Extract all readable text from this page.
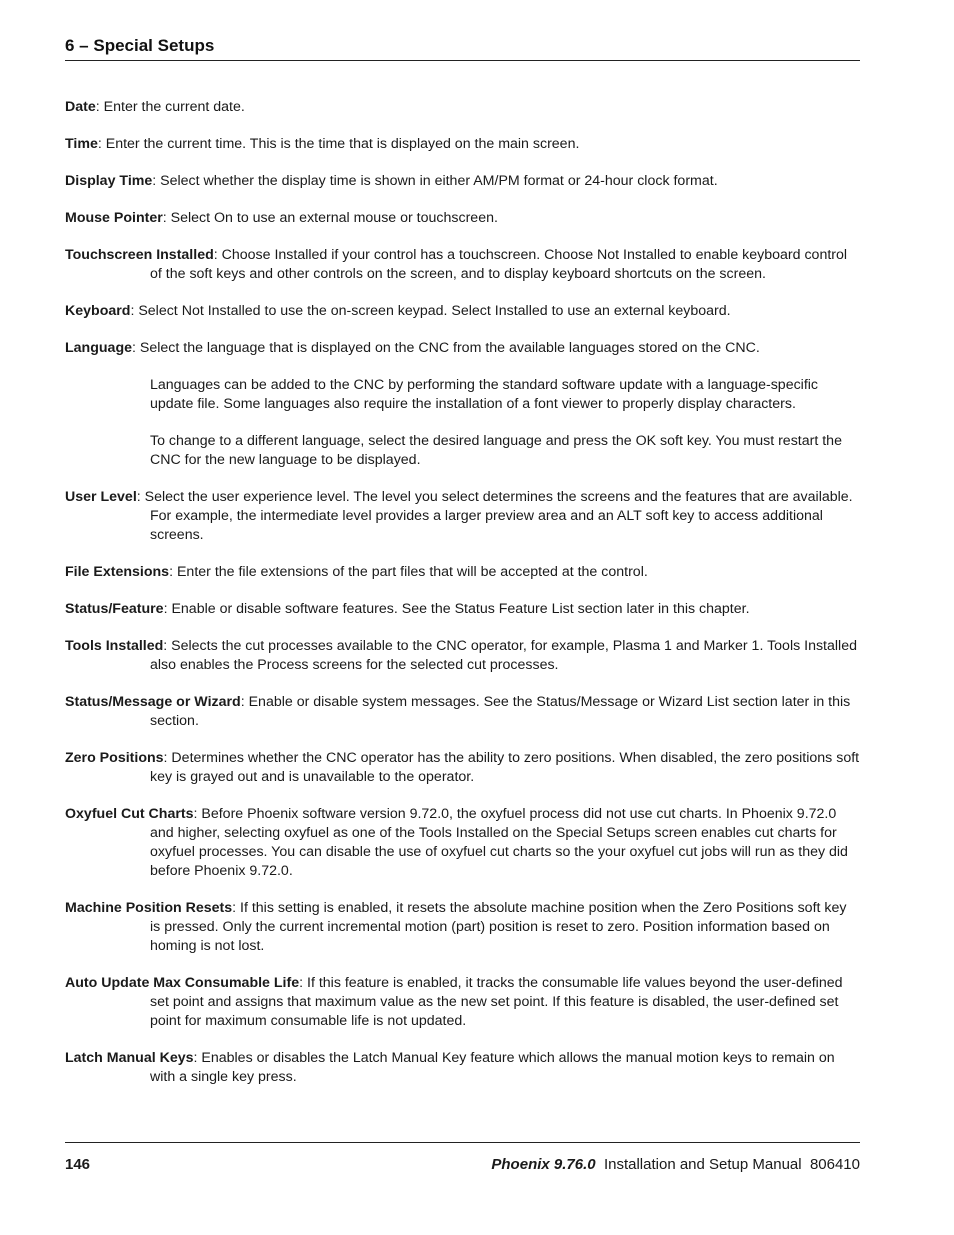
6 – Special Setups

Date: Enter the current date.

Time: Enter the current time. This is the time that is displayed on the main screen.

Display Time: Select whether the display time is shown in either AM/PM format or 24-hour clock format.

Mouse Pointer: Select On to use an external mouse or touchscreen.

Touchscreen Installed: Choose Installed if your control has a touchscreen. Choose Not Installed to enable keyboard control of the soft keys and other controls on the screen, and to display keyboard shortcuts on the screen.

Keyboard: Select Not Installed to use the on-screen keypad. Select Installed to use an external keyboard.

Language: Select the language that is displayed on the CNC from the available languages stored on the CNC.

Languages can be added to the CNC by performing the standard software update with a language-specific update file. Some languages also require the installation of a font viewer to properly display characters.

To change to a different language, select the desired language and press the OK soft key. You must restart the CNC for the new language to be displayed.

User Level: Select the user experience level. The level you select determines the screens and the features that are available. For example, the intermediate level provides a larger preview area and an ALT soft key to access additional screens.

File Extensions: Enter the file extensions of the part files that will be accepted at the control.

Status/Feature: Enable or disable software features. See the Status Feature List section later in this chapter.

Tools Installed: Selects the cut processes available to the CNC operator, for example, Plasma 1 and Marker 1. Tools Installed also enables the Process screens for the selected cut processes.

Status/Message or Wizard: Enable or disable system messages. See the Status/Message or Wizard List section later in this section.

Zero Positions: Determines whether the CNC operator has the ability to zero positions. When disabled, the zero positions soft key is grayed out and is unavailable to the operator.

Oxyfuel Cut Charts: Before Phoenix software version 9.72.0, the oxyfuel process did not use cut charts. In Phoenix 9.72.0 and higher, selecting oxyfuel as one of the Tools Installed on the Special Setups screen enables cut charts for oxyfuel processes. You can disable the use of oxyfuel cut charts so the your oxyfuel cut jobs will run as they did before Phoenix 9.72.0.

Machine Position Resets: If this setting is enabled, it resets the absolute machine position when the Zero Positions soft key is pressed. Only the current incremental motion (part) position is reset to zero. Position information based on homing is not lost.

Auto Update Max Consumable Life: If this feature is enabled, it tracks the consumable life values beyond the user-defined set point and assigns that maximum value as the new set point. If this feature is disabled, the user-defined set point for maximum consumable life is not updated.

Latch Manual Keys: Enables or disables the Latch Manual Key feature which allows the manual motion keys to remain on with a single key press.

146	Phoenix 9.76.0 Installation and Setup Manual 806410
